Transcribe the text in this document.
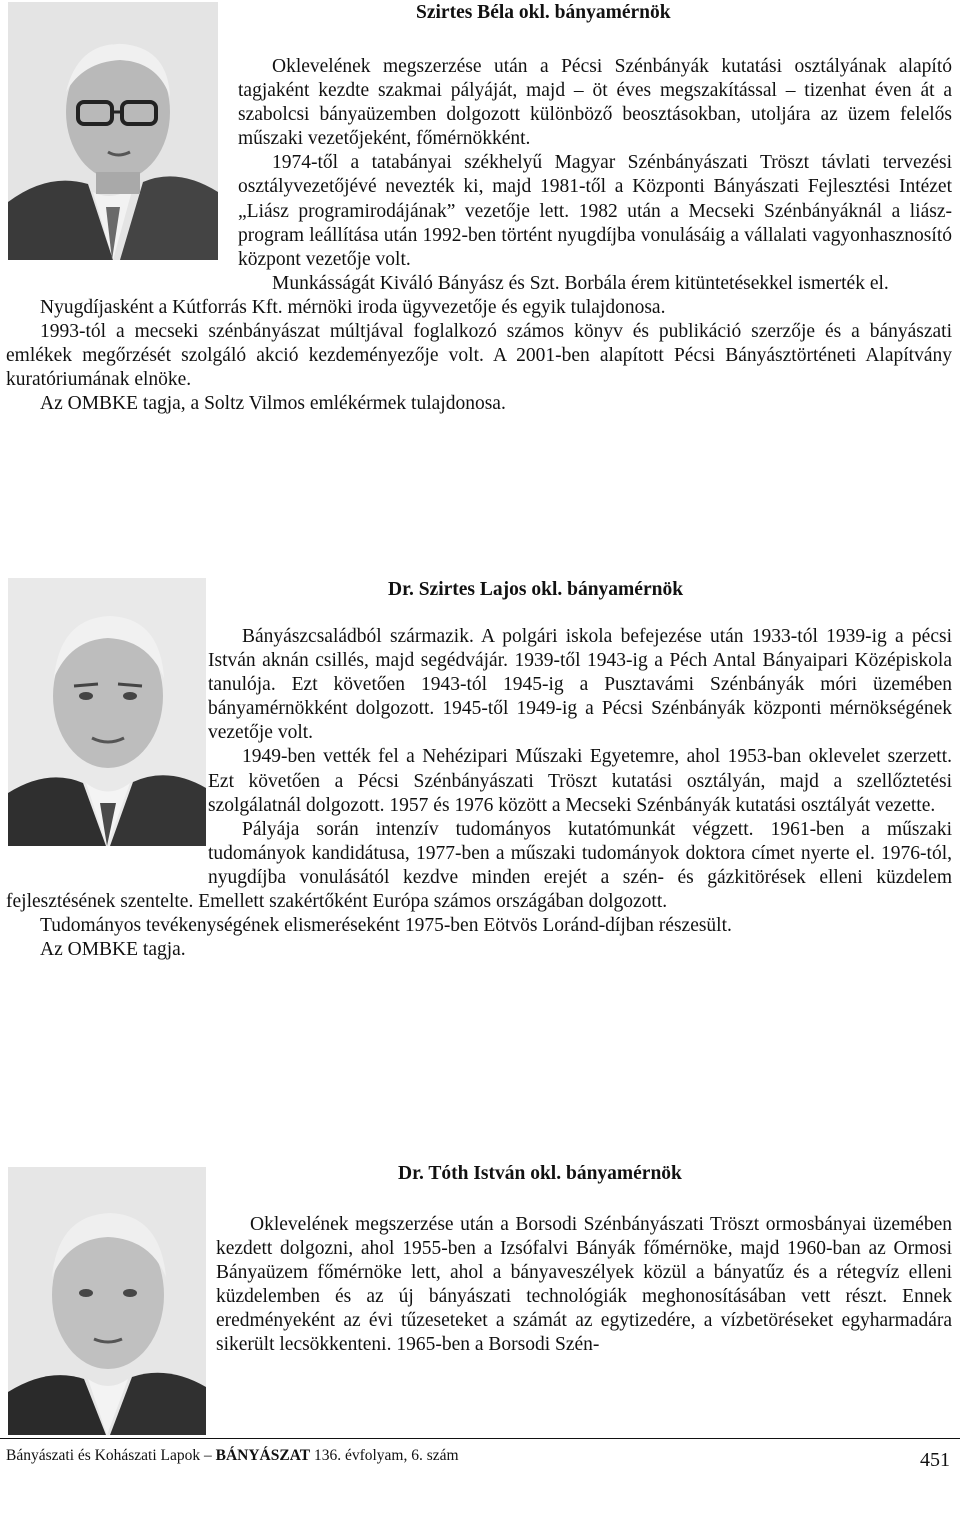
Szirtes Béla okl. bányamérnök

Oklevelének megszerzése után a Pécsi Szénbányák kutatási osztályának alapító tagjaként kezdte szakmai pályáját, majd – öt éves megszakítással – tizenhat éven át a szabolcsi bányaüzemben dolgozott különböző beosztásokban, utoljára az üzem felelős műszaki vezetőjeként, főmérnökként.

1974-től a tatabányai székhelyű Magyar Szénbányászati Tröszt távlati tervezési osztályvezetőjévé nevezték ki, majd 1981-től a Központi Bányászati Fejlesztési Intézet „Liász programirodájának” vezetője lett. 1982 után a Mecseki Szénbányáknál a liász-program leállítása után 1992-ben történt nyugdíjba vonulásáig a vállalati vagyonhasznosító központ vezetője volt.

Munkásságát Kiváló Bányász és Szt. Borbála érem kitüntetésekkel ismerték el.

Nyugdíjasként a Kútforrás Kft. mérnöki iroda ügyvezetője és egyik tulajdonosa.

1993-tól a mecseki szénbányászat múltjával foglalkozó számos könyv és publikáció szerzője és a bányászati emlékek megőrzését szolgáló akció kezdeményezője volt. A 2001-ben alapított Pécsi Bányásztörténeti Alapítvány kuratóriumának elnöke.

Az OMBKE tagja, a Soltz Vilmos emlékérmek tulajdonosa.

Dr. Szirtes Lajos okl. bányamérnök

Bányászcsaládból származik. A polgári iskola befejezése után 1933-tól 1939-ig a pécsi István aknán csillés, majd segédvájár. 1939-től 1943-ig a Péch Antal Bányaipari Középiskola tanulója. Ezt követően 1943-tól 1945-ig a Pusztavámi Szénbányák móri üzemében bányamérnökként dolgozott. 1945-től 1949-ig a Pécsi Szénbányák központi mérnökségének vezetője volt.

1949-ben vették fel a Nehézipari Műszaki Egyetemre, ahol 1953-ban oklevelet szerzett. Ezt követően a Pécsi Szénbányászati Tröszt kutatási osztályán, majd a szellőztetési szolgálatnál dolgozott. 1957 és 1976 között a Mecseki Szénbányák kutatási osztályát vezette.

Pályája során intenzív tudományos kutatómunkát végzett. 1961-ben a műszaki tudományok kandidátusa, 1977-ben a műszaki tudományok doktora címet nyerte el. 1976-tól, nyugdíjba vonulásától kezdve minden erejét a szén- és gázkitörések elleni küzdelem fejlesztésének szentelte. Emellett szakértőként Európa számos országában dolgozott.

Tudományos tevékenységének elismeréseként 1975-ben Eötvös Loránd-díjban részesült.

Az OMBKE tagja.

Dr. Tóth István okl. bányamérnök

Oklevelének megszerzése után a Borsodi Szénbányászati Tröszt ormosbányai üzemében kezdett dolgozni, ahol 1955-ben a Izsófalvi Bányák főmérnöke, majd 1960-ban az Ormosi Bányaüzem főmérnöke lett, ahol a bányaveszélyek közül a bányatűz és a rétegvíz elleni küzdelemben és az új bányászati technológiák meghonosításában vett részt. Ennek eredményeként az évi tűzeseteket a számát az egytizedére, a vízbetöréseket egyharmadára sikerült lecsökkenteni. 1965-ben a Borsodi Szén-

Bányászati és Kohászati Lapok – BÁNYÁSZAT 136. évfolyam, 6. szám	451
